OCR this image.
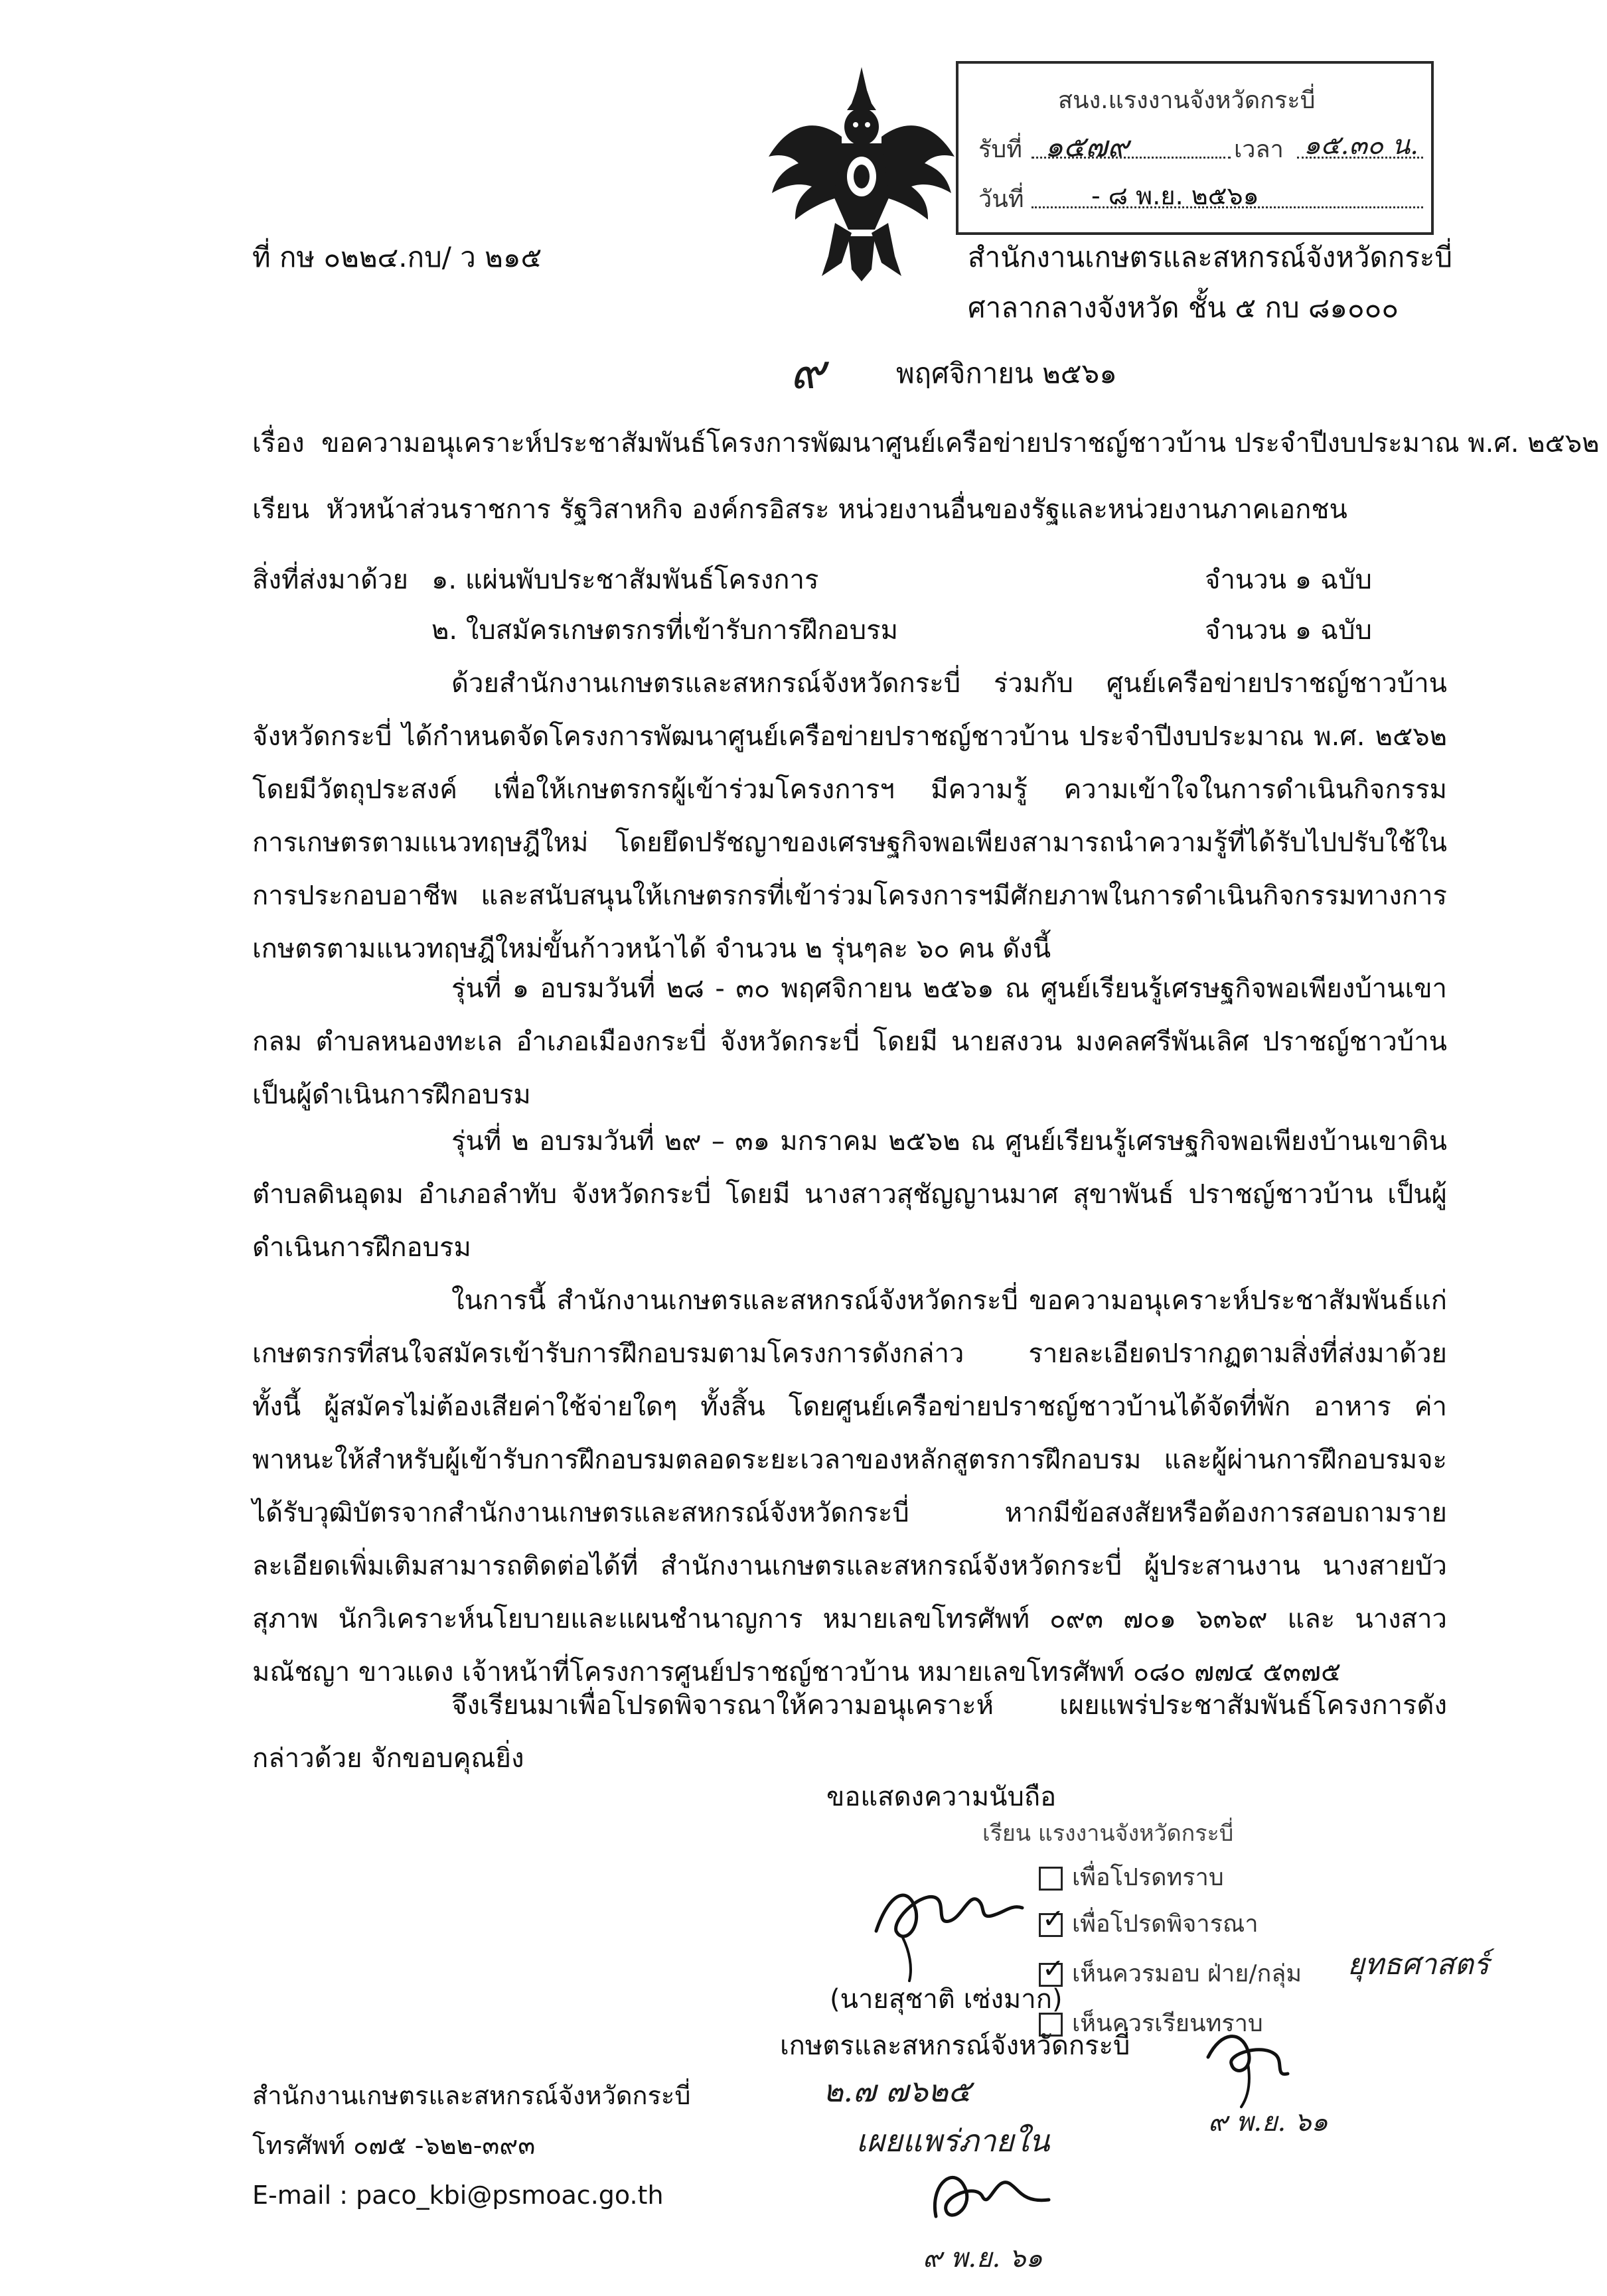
สนง.แรงงานจังหวัดกระบี่
รับที่ ๑๕๗๙	เวลา ๑๕.๓๐ น.
วันที่	- ๘ พ.ย. ๒๕๖๑
ที่ กษ ๐๒๒๔.กบ/ ว ๒๑๕	สำนักงานเกษตรและสหกรณ์จังหวัดกระบี่
ศาลากลางจังหวัด ชั้น ๕ กบ ๘๑๐๐๐
๙	พฤศจิกายน ๒๕๖๑
เรื่อง ขอความอนุเคราะห์ประชาสัมพันธ์โครงการพัฒนาศูนย์เครือข่ายปราชญ์ชาวบ้าน ประจำปีงบประมาณ พ.ศ. ๒๕๖๒
เรียน หัวหน้าส่วนราชการ รัฐวิสาหกิจ องค์กรอิสระ หน่วยงานอื่นของรัฐและหน่วยงานภาคเอกชน
สิ่งที่ส่งมาด้วย ๑. แผ่นพับประชาสัมพันธ์โครงการ	จำนวน ๑ ฉบับ
๒. ใบสมัครเกษตรกรที่เข้ารับการฝึกอบรม	จำนวน ๑ ฉบับ

ด้วยสำนักงานเกษตรและสหกรณ์จังหวัดกระบี่ ร่วมกับ ศูนย์เครือข่ายปราชญ์ชาวบ้านจังหวัดกระบี่ ได้กำหนดจัดโครงการพัฒนาศูนย์เครือข่ายปราชญ์ชาวบ้าน ประจำปีงบประมาณ พ.ศ. ๒๕๖๒ โดยมีวัตถุประสงค์ เพื่อให้เกษตรกรผู้เข้าร่วมโครงการฯ มีความรู้ ความเข้าใจในการดำเนินกิจกรรมการเกษตรตามแนวทฤษฎีใหม่ โดยยึดปรัชญาของเศรษฐกิจพอเพียงสามารถนำความรู้ที่ได้รับไปปรับใช้ในการประกอบอาชีพ และสนับสนุนให้เกษตรกรที่เข้าร่วมโครงการฯมีศักยภาพในการดำเนินกิจกรรมทางการเกษตรตามแนวทฤษฎีใหม่ขั้นก้าวหน้าได้ จำนวน ๒ รุ่นๆละ ๖๐ คน ดังนี้

รุ่นที่ ๑ อบรมวันที่ ๒๘ - ๓๐ พฤศจิกายน ๒๕๖๑ ณ ศูนย์เรียนรู้เศรษฐกิจพอเพียงบ้านเขากลม ตำบลหนองทะเล อำเภอเมืองกระบี่ จังหวัดกระบี่ โดยมี นายสงวน มงคลศรีพันเลิศ ปราชญ์ชาวบ้าน เป็นผู้ดำเนินการฝึกอบรม

รุ่นที่ ๒ อบรมวันที่ ๒๙ – ๓๑ มกราคม ๒๕๖๒ ณ ศูนย์เรียนรู้เศรษฐกิจพอเพียงบ้านเขาดิน ตำบลดินอุดม อำเภอลำทับ จังหวัดกระบี่ โดยมี นางสาวสุชัญญานมาศ สุขาพันธ์ ปราชญ์ชาวบ้าน เป็นผู้ดำเนินการฝึกอบรม

ในการนี้ สำนักงานเกษตรและสหกรณ์จังหวัดกระบี่ ขอความอนุเคราะห์ประชาสัมพันธ์แก่เกษตรกรที่สนใจสมัครเข้ารับการฝึกอบรมตามโครงการดังกล่าว รายละเอียดปรากฏตามสิ่งที่ส่งมาด้วย ทั้งนี้ ผู้สมัครไม่ต้องเสียค่าใช้จ่ายใดๆ ทั้งสิ้น โดยศูนย์เครือข่ายปราชญ์ชาวบ้านได้จัดที่พัก อาหาร ค่าพาหนะให้สำหรับผู้เข้ารับการฝึกอบรมตลอดระยะเวลาของหลักสูตรการฝึกอบรม และผู้ผ่านการฝึกอบรมจะได้รับวุฒิบัตรจากสำนักงานเกษตรและสหกรณ์จังหวัดกระบี่ หากมีข้อสงสัยหรือต้องการสอบถามรายละเอียดเพิ่มเติมสามารถติดต่อได้ที่ สำนักงานเกษตรและสหกรณ์จังหวัดกระบี่ ผู้ประสานงาน นางสายบัว สุภาพ นักวิเคราะห์นโยบายและแผนชำนาญการ หมายเลขโทรศัพท์ ๐๙๓ ๗๐๑ ๖๓๖๙ และ นางสาวมณัชญา ขาวแดง เจ้าหน้าที่โครงการศูนย์ปราชญ์ชาวบ้าน หมายเลขโทรศัพท์ ๐๘๐ ๗๗๔ ๕๓๗๕

จึงเรียนมาเพื่อโปรดพิจารณาให้ความอนุเคราะห์ เผยแพร่ประชาสัมพันธ์โครงการดังกล่าวด้วย จักขอบคุณยิ่ง

ขอแสดงความนับถือ
(นายสุชาติ เซ่งมาก)
เกษตรและสหกรณ์จังหวัดกระบี่
เรียน แรงงานจังหวัดกระบี่
เพื่อโปรดทราบ
✓ เพื่อโปรดพิจารณา
✓ เห็นควรมอบ ฝ่าย/กลุ่ม ยุทธศาสตร์
เห็นควรเรียนทราบ
๙ พ.ย. ๖๑
๒.๗ ๗๖๒๕
เผยแพร่ภายใน
๙ พ.ย. ๖๑
สำนักงานเกษตรและสหกรณ์จังหวัดกระบี่
โทรศัพท์ ๐๗๕ -๖๒๒-๓๙๓
E-mail : paco_kbi@psmoac.go.th
